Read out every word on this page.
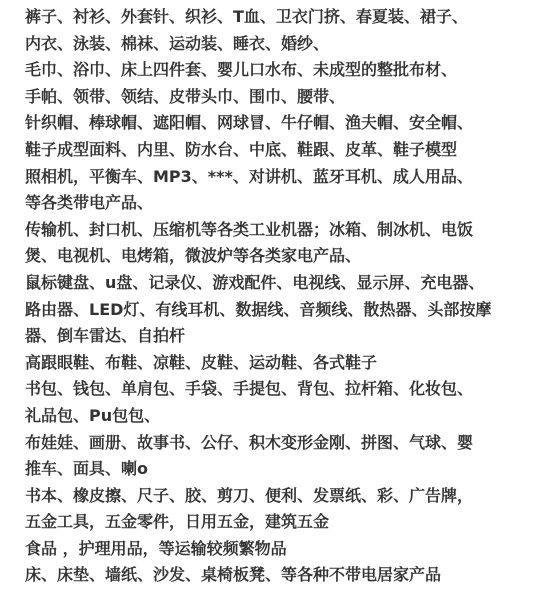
裤子、衬衫、外套针、织衫、T血、卫衣门挤、春夏装、裙子、
内衣、泳装、棉袜、运动装、睡衣、婚纱、
毛巾、浴巾、床上四件套、婴儿口水布、未成型的整批布材、
手帕、领带、领结、皮带头巾、围巾、腰带、
针织帽、棒球帽、遮阳帽、网球冒、牛仔帽、渔夫帽、安全帽、
鞋子成型面料、内里、防水台、中底、鞋跟、皮革、鞋子模型
照相机，平衡车、MP3、***、对讲机、蓝牙耳机、成人用品、
等各类带电产品、
传输机、封口机、压缩机等各类工业机器；冰箱、制冰机、电饭
煲、电视机、电烤箱，微波炉等各类家电产品、
鼠标键盘、u盘、记录仪、游戏配件、电视线、显示屏、充电器、
路由器、LED灯、有线耳机、数据线、音频线、散热器、头部按摩
器、倒车雷达、自拍杆
高跟眼鞋、布鞋、凉鞋、皮鞋、运动鞋、各式鞋子
书包、钱包、单肩包、手袋、手提包、背包、拉杆箱、化妆包、
礼品包、Pu包包、
布娃娃、画册、故事书、公仔、积木变形金刚、拼图、气球、婴
推车、面具、喇o
书本、橡皮擦、尺子、胶、剪刀、便利、发票纸、彩、广告牌，
五金工具，五金零件，日用五金，建筑五金
食品 ，护理用品，等运输较频繁物品
床、床垫、墙纸、沙发、桌椅板凳、等各种不带电居家产品
